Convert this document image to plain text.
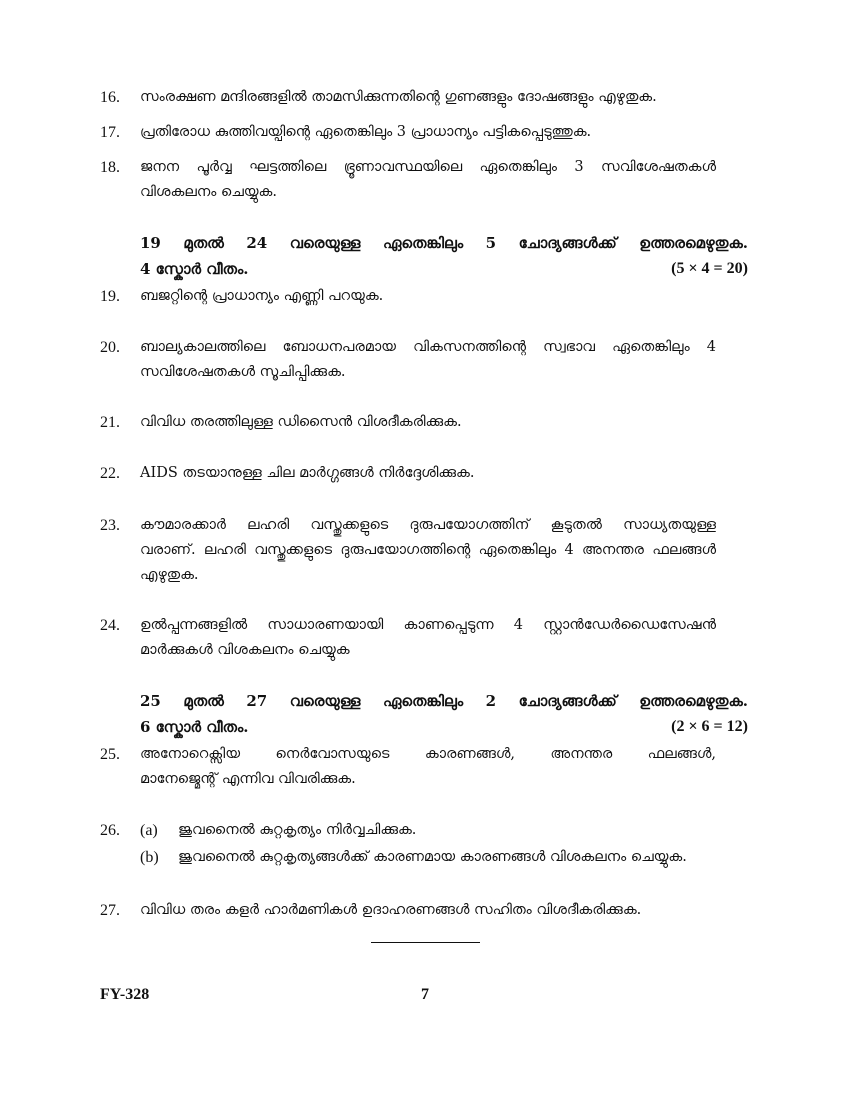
16.	സംരക്ഷണ മന്ദിരങ്ങളിൽ താമസിക്കുന്നതിന്റെ ഗുണങ്ങളും ദോഷങ്ങളും എഴുതുക.
17.	പ്രതിരോധ കുത്തിവയ്പിന്റെ ഏതെങ്കിലും 3 പ്രാധാന്യം പട്ടികപ്പെടുത്തുക.
18.	ജനന പൂർവ്വ ഘട്ടത്തിലെ ഭ്രൂണാവസ്ഥയിലെ ഏതെങ്കിലും 3 സവിശേഷതകൾ
വിശകലനം ചെയ്യുക.
19 മുതൽ 24 വരെയുള്ള ഏതെങ്കിലും 5 ചോദ്യങ്ങൾക്ക് ഉത്തരമെഴുതുക.
4 സ്കോർ വീതം.	(5 × 4 = 20)
19.	ബജറ്റിന്റെ പ്രാധാന്യം എണ്ണി പറയുക.
20.	ബാല്യകാലത്തിലെ ബോധനപരമായ വികസനത്തിന്റെ സ്വഭാവ ഏതെങ്കിലും 4
സവിശേഷതകൾ സൂചിപ്പിക്കുക.
21.	വിവിധ തരത്തിലുള്ള ഡിസൈൻ വിശദീകരിക്കുക.
22.	AIDS തടയാനുള്ള ചില മാർഗ്ഗങ്ങൾ നിർദ്ദേശിക്കുക.
23.	കൗമാരക്കാർ ലഹരി വസ്തുക്കളുടെ ദുരുപയോഗത്തിന് കൂടുതൽ സാധ്യതയുള്ള
വരാണ്. ലഹരി വസ്തുക്കളുടെ ദുരുപയോഗത്തിന്റെ ഏതെങ്കിലും 4 അനന്തര ഫലങ്ങൾ
എഴുതുക.
24.	ഉൽപ്പന്നങ്ങളിൽ സാധാരണയായി കാണപ്പെടുന്ന 4 സ്റ്റാൻഡേർഡൈസേഷൻ
മാർക്കുകൾ വിശകലനം ചെയ്യുക
25 മുതൽ 27 വരെയുള്ള ഏതെങ്കിലും 2 ചോദ്യങ്ങൾക്ക് ഉത്തരമെഴുതുക.
6 സ്കോർ വീതം.	(2 × 6 = 12)
25.	അനോറെക്സിയ നെർവോസയുടെ കാരണങ്ങൾ, അനന്തര ഫലങ്ങൾ,
മാനേജ്മെന്റ് എന്നിവ വിവരിക്കുക.
26.	(a) ജുവനൈൽ കുറ്റകൃത്യം നിർവ്വചിക്കുക.
(b) ജുവനൈൽ കുറ്റകൃത്യങ്ങൾക്ക് കാരണമായ കാരണങ്ങൾ വിശകലനം ചെയ്യുക.
27.	വിവിധ തരം കളർ ഹാർമണികൾ ഉദാഹരണങ്ങൾ സഹിതം വിശദീകരിക്കുക.
FY-328	7
